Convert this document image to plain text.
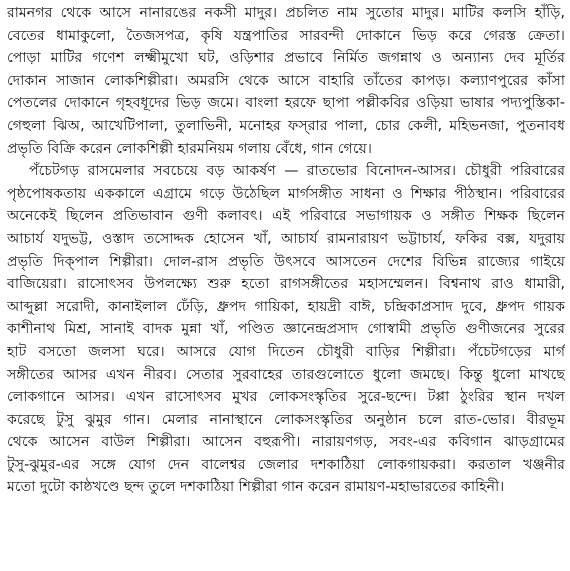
রামনগর থেকে আসে নানারঙের নকসী মাদুর। প্রচলিত নাম সুতোর মাদুর। মাটির কলসি হাঁড়ি,
বেতের ধামাকুলো, তৈজসপত্র, কৃষি যন্ত্রপাতির সারবন্দী দোকানে ভিড় করে গেরস্ত ক্রেতা।
পোড়া মাটির গণেশ লক্ষ্মীমুখো ঘট, ওড়িশার প্রভাবে নির্মিত জগন্নাথ ও অন্যান্য দেব মূর্তির
দোকান সাজান লোকশিল্পীরা। অমরসি থেকে আসে বাহারি তাঁতের কাপড়। কল্যাণপুরের কাঁসা
পেতলের দোকানে গৃহবধূদের ভিড় জমে। বাংলা হরফে ছাপা পল্লীকবির ওড়িয়া ভাষার পদ্যপুস্তিকা-
গেহুলা ঝিঅ, আখেটিপালা, তুলাভিনী, মনোহর ফস্‌রার পালা, চোর কেলী, মহিভনজা, পুতনাবধ
প্রভৃতি বিক্রি করেন লোকশিল্পী হারমনিয়ম গলায় বেঁধে, গান গেয়ে।
পঁচেটগড় রাসমেলার সবচেয়ে বড় আকর্ষণ — রাতভোর বিনোদন-আসর। চৌধুরী পরিবারের
পৃষ্ঠপোষকতায় এককালে এগ্রামে গড়ে উঠেছিল মার্গসঙ্গীত সাধনা ও শিক্ষার পীঠস্থান। পরিবারের
অনেকেই ছিলেন প্রতিভাবান গুণী কলাবৎ। এই পরিবারে সভাগায়ক ও সঙ্গীত শিক্ষক ছিলেন
আচার্য যদুভট্ট, ওস্তাদ তসোদ্দক হোসেন খাঁ, আচার্য রামনারায়ণ ভট্টাচার্য, ফকির বক্স, যদুরায়
প্রভৃতি দিক্‌পাল শিল্পীরা। দোল-রাস প্রভৃতি উৎসবে আসতেন দেশের বিভিন্ন রাজ্যের গাইয়ে
বাজিয়েরা। রাসোৎসব উপলক্ষ্যে শুরু হতো রাগসঙ্গীতের মহাসম্মেলন। বিশ্বনাথ রাও ধামারী,
আব্দুল্লা সরোদী, কানাইলাল ঢেঁড়ি, ধ্রুপদ গায়িকা, হায়দ্রী বাঈ, চন্দ্রিকাপ্রসাদ দুবে, ধ্রুপদ গায়ক
কাশীনাথ মিশ্র, সানাই বাদক মুন্না খাঁ, পণ্ডিত জ্ঞানেন্দ্রপ্রসাদ গোস্বামী প্রভৃতি গুণীজনের সুরের
হাট বসতো জলসা ঘরে। আসরে যোগ দিতেন চৌধুরী বাড়ির শিল্পীরা। পঁচেটগড়ের মার্গ
সঙ্গীতের আসর এখন নীরব। সেতার সুরবাহের তারগুলোতে ধুলো জমছে। কিন্তু ধুলো মাখছে
লোকগানে আসর। এখন রাসোৎসব মুখর লোকসংস্কৃতির সুরে-ছন্দে। টপ্পা ঠুংরির স্থান দখল
করেছে টুসু ঝুমুর গান। মেলার নানাস্থানে লোকসংস্কৃতির অনুষ্ঠান চলে রাত-ভোর। বীরভূম
থেকে আসেন বাউল শিল্পীরা। আসেন বহুরূপী। নারায়ণগড়, সবং-এর কবিগান ঝাড়গ্রামের
টুসু-ঝুমুর-এর সঙ্গে যোগ দেন বালেশ্বর জেলার দশকাঠিয়া লোকগায়করা। করতাল খঞ্জনীর
মতো দুটো কাষ্ঠখণ্ডে ছন্দ তুলে দশকাঠিয়া শিল্পীরা গান করেন রামায়ণ-মহাভারতের কাহিনী।
